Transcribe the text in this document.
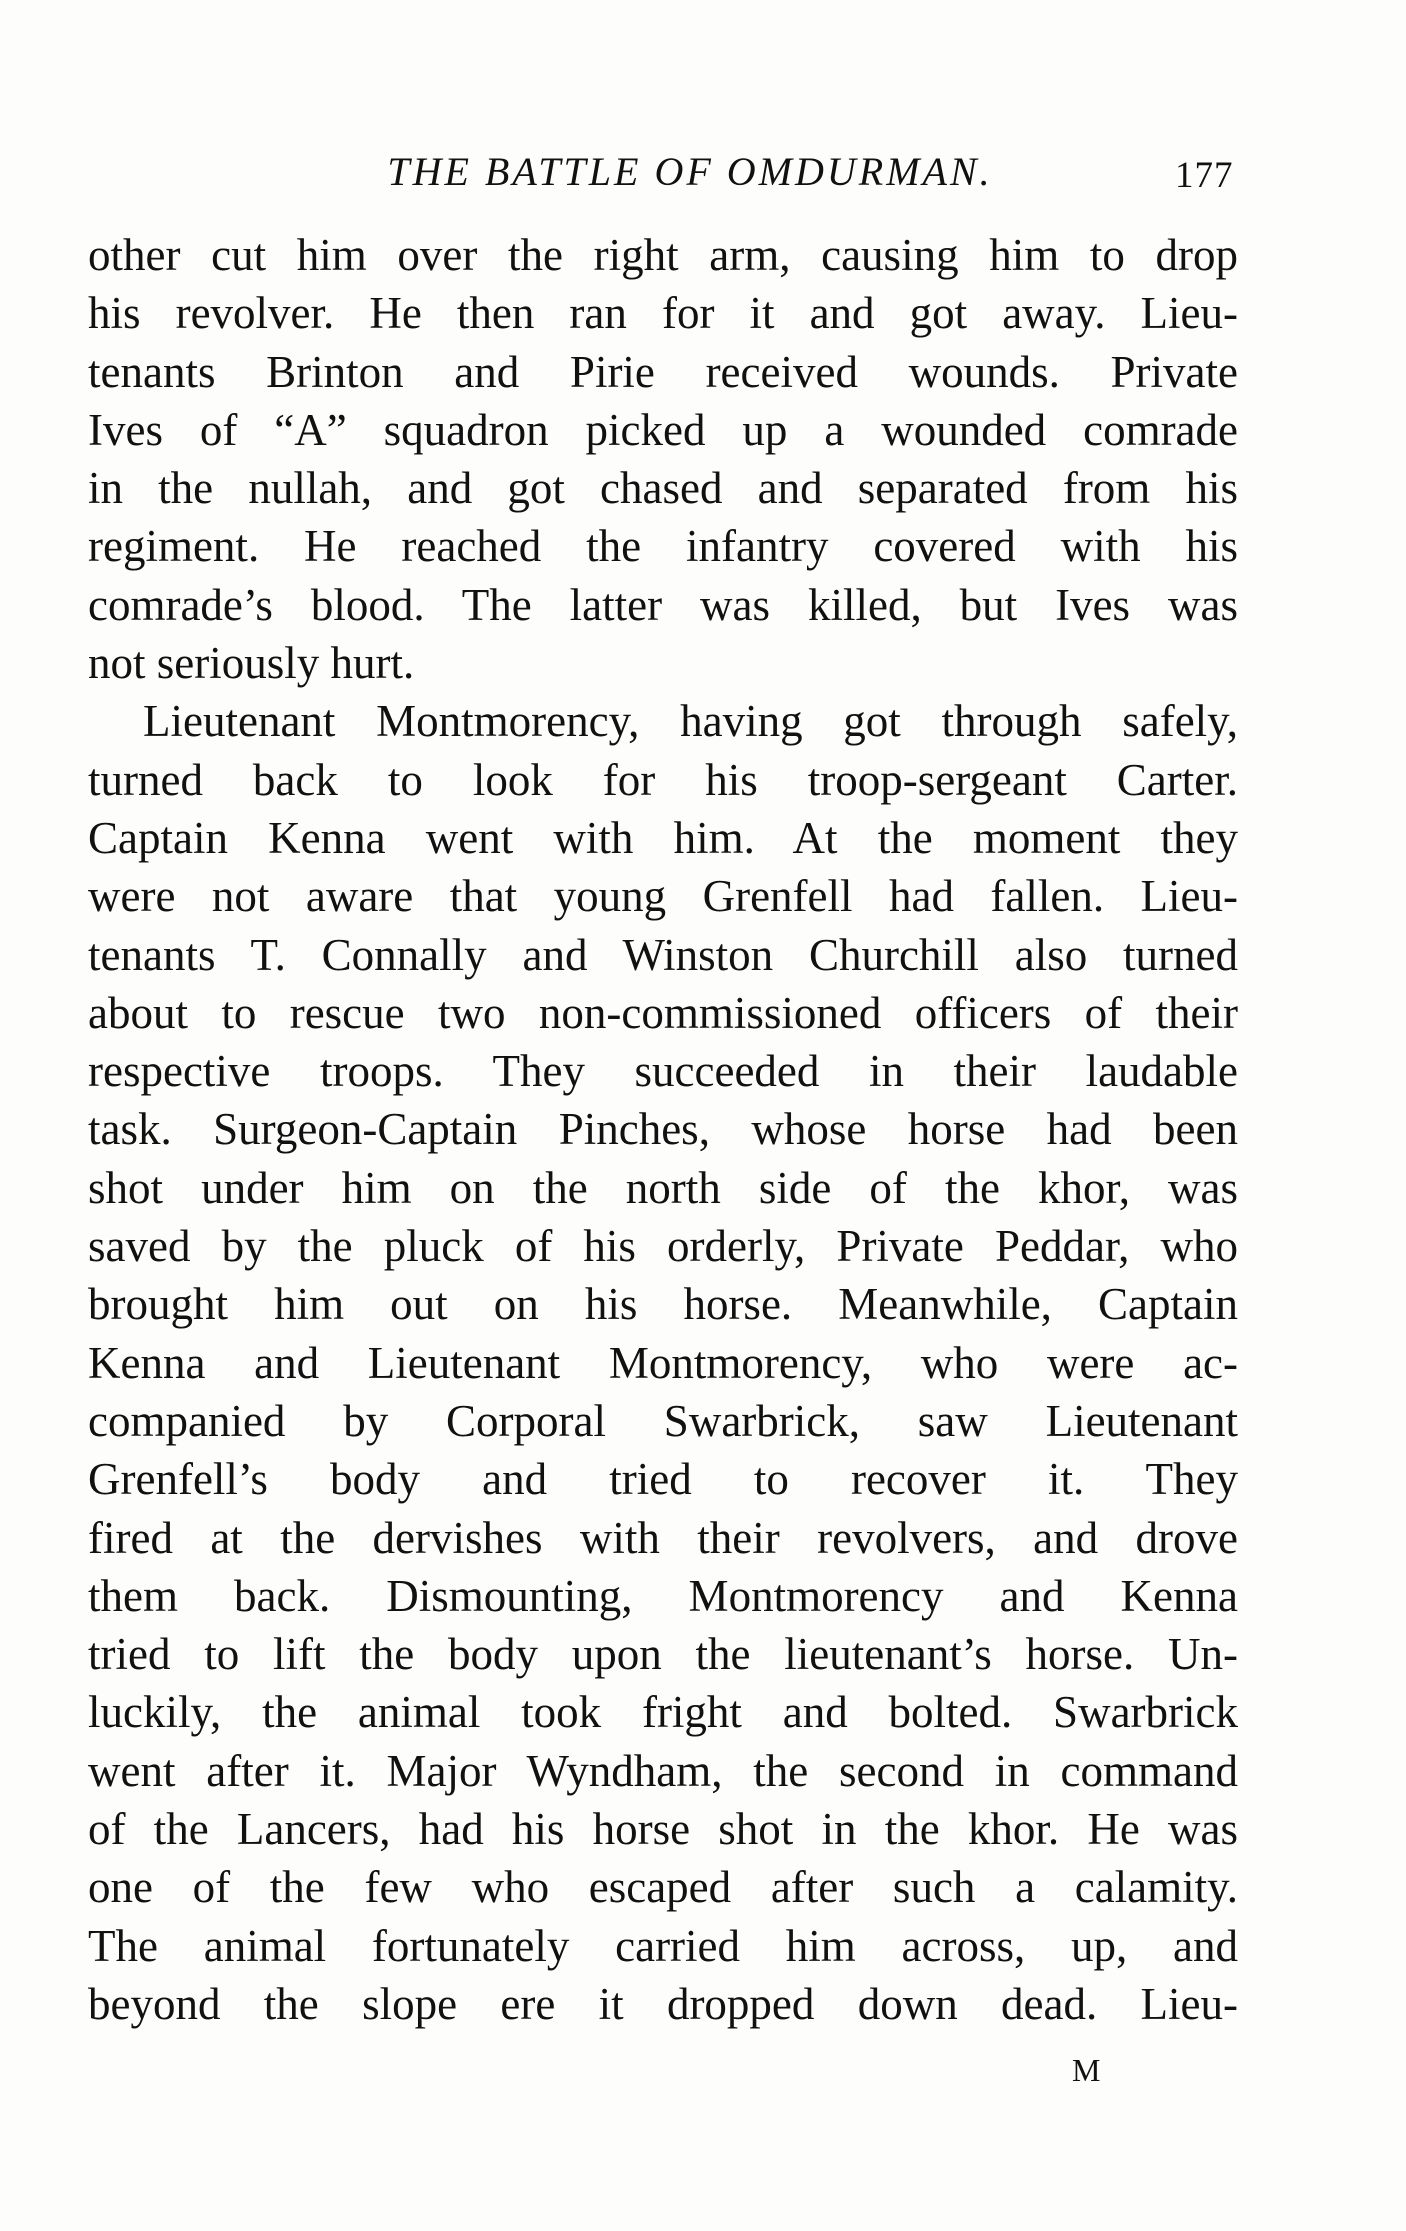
THE BATTLE OF OMDURMAN.	177
other cut him over the right arm, causing him to drop
his revolver. He then ran for it and got away. Lieu-
tenants Brinton and Pirie received wounds. Private
Ives of “A” squadron picked up a wounded comrade
in the nullah, and got chased and separated from his
regiment. He reached the infantry covered with his
comrade’s blood. The latter was killed, but Ives was
not seriously hurt.
Lieutenant Montmorency, having got through safely,
turned back to look for his troop-sergeant Carter.
Captain Kenna went with him. At the moment they
were not aware that young Grenfell had fallen. Lieu-
tenants T. Connally and Winston Churchill also turned
about to rescue two non-commissioned officers of their
respective troops. They succeeded in their laudable
task. Surgeon-Captain Pinches, whose horse had been
shot under him on the north side of the khor, was
saved by the pluck of his orderly, Private Peddar, who
brought him out on his horse. Meanwhile, Captain
Kenna and Lieutenant Montmorency, who were ac-
companied by Corporal Swarbrick, saw Lieutenant
Grenfell’s body and tried to recover it. They
fired at the dervishes with their revolvers, and drove
them back. Dismounting, Montmorency and Kenna
tried to lift the body upon the lieutenant’s horse. Un-
luckily, the animal took fright and bolted. Swarbrick
went after it. Major Wyndham, the second in command
of the Lancers, had his horse shot in the khor. He was
one of the few who escaped after such a calamity.
The animal fortunately carried him across, up, and
beyond the slope ere it dropped down dead. Lieu-
M
